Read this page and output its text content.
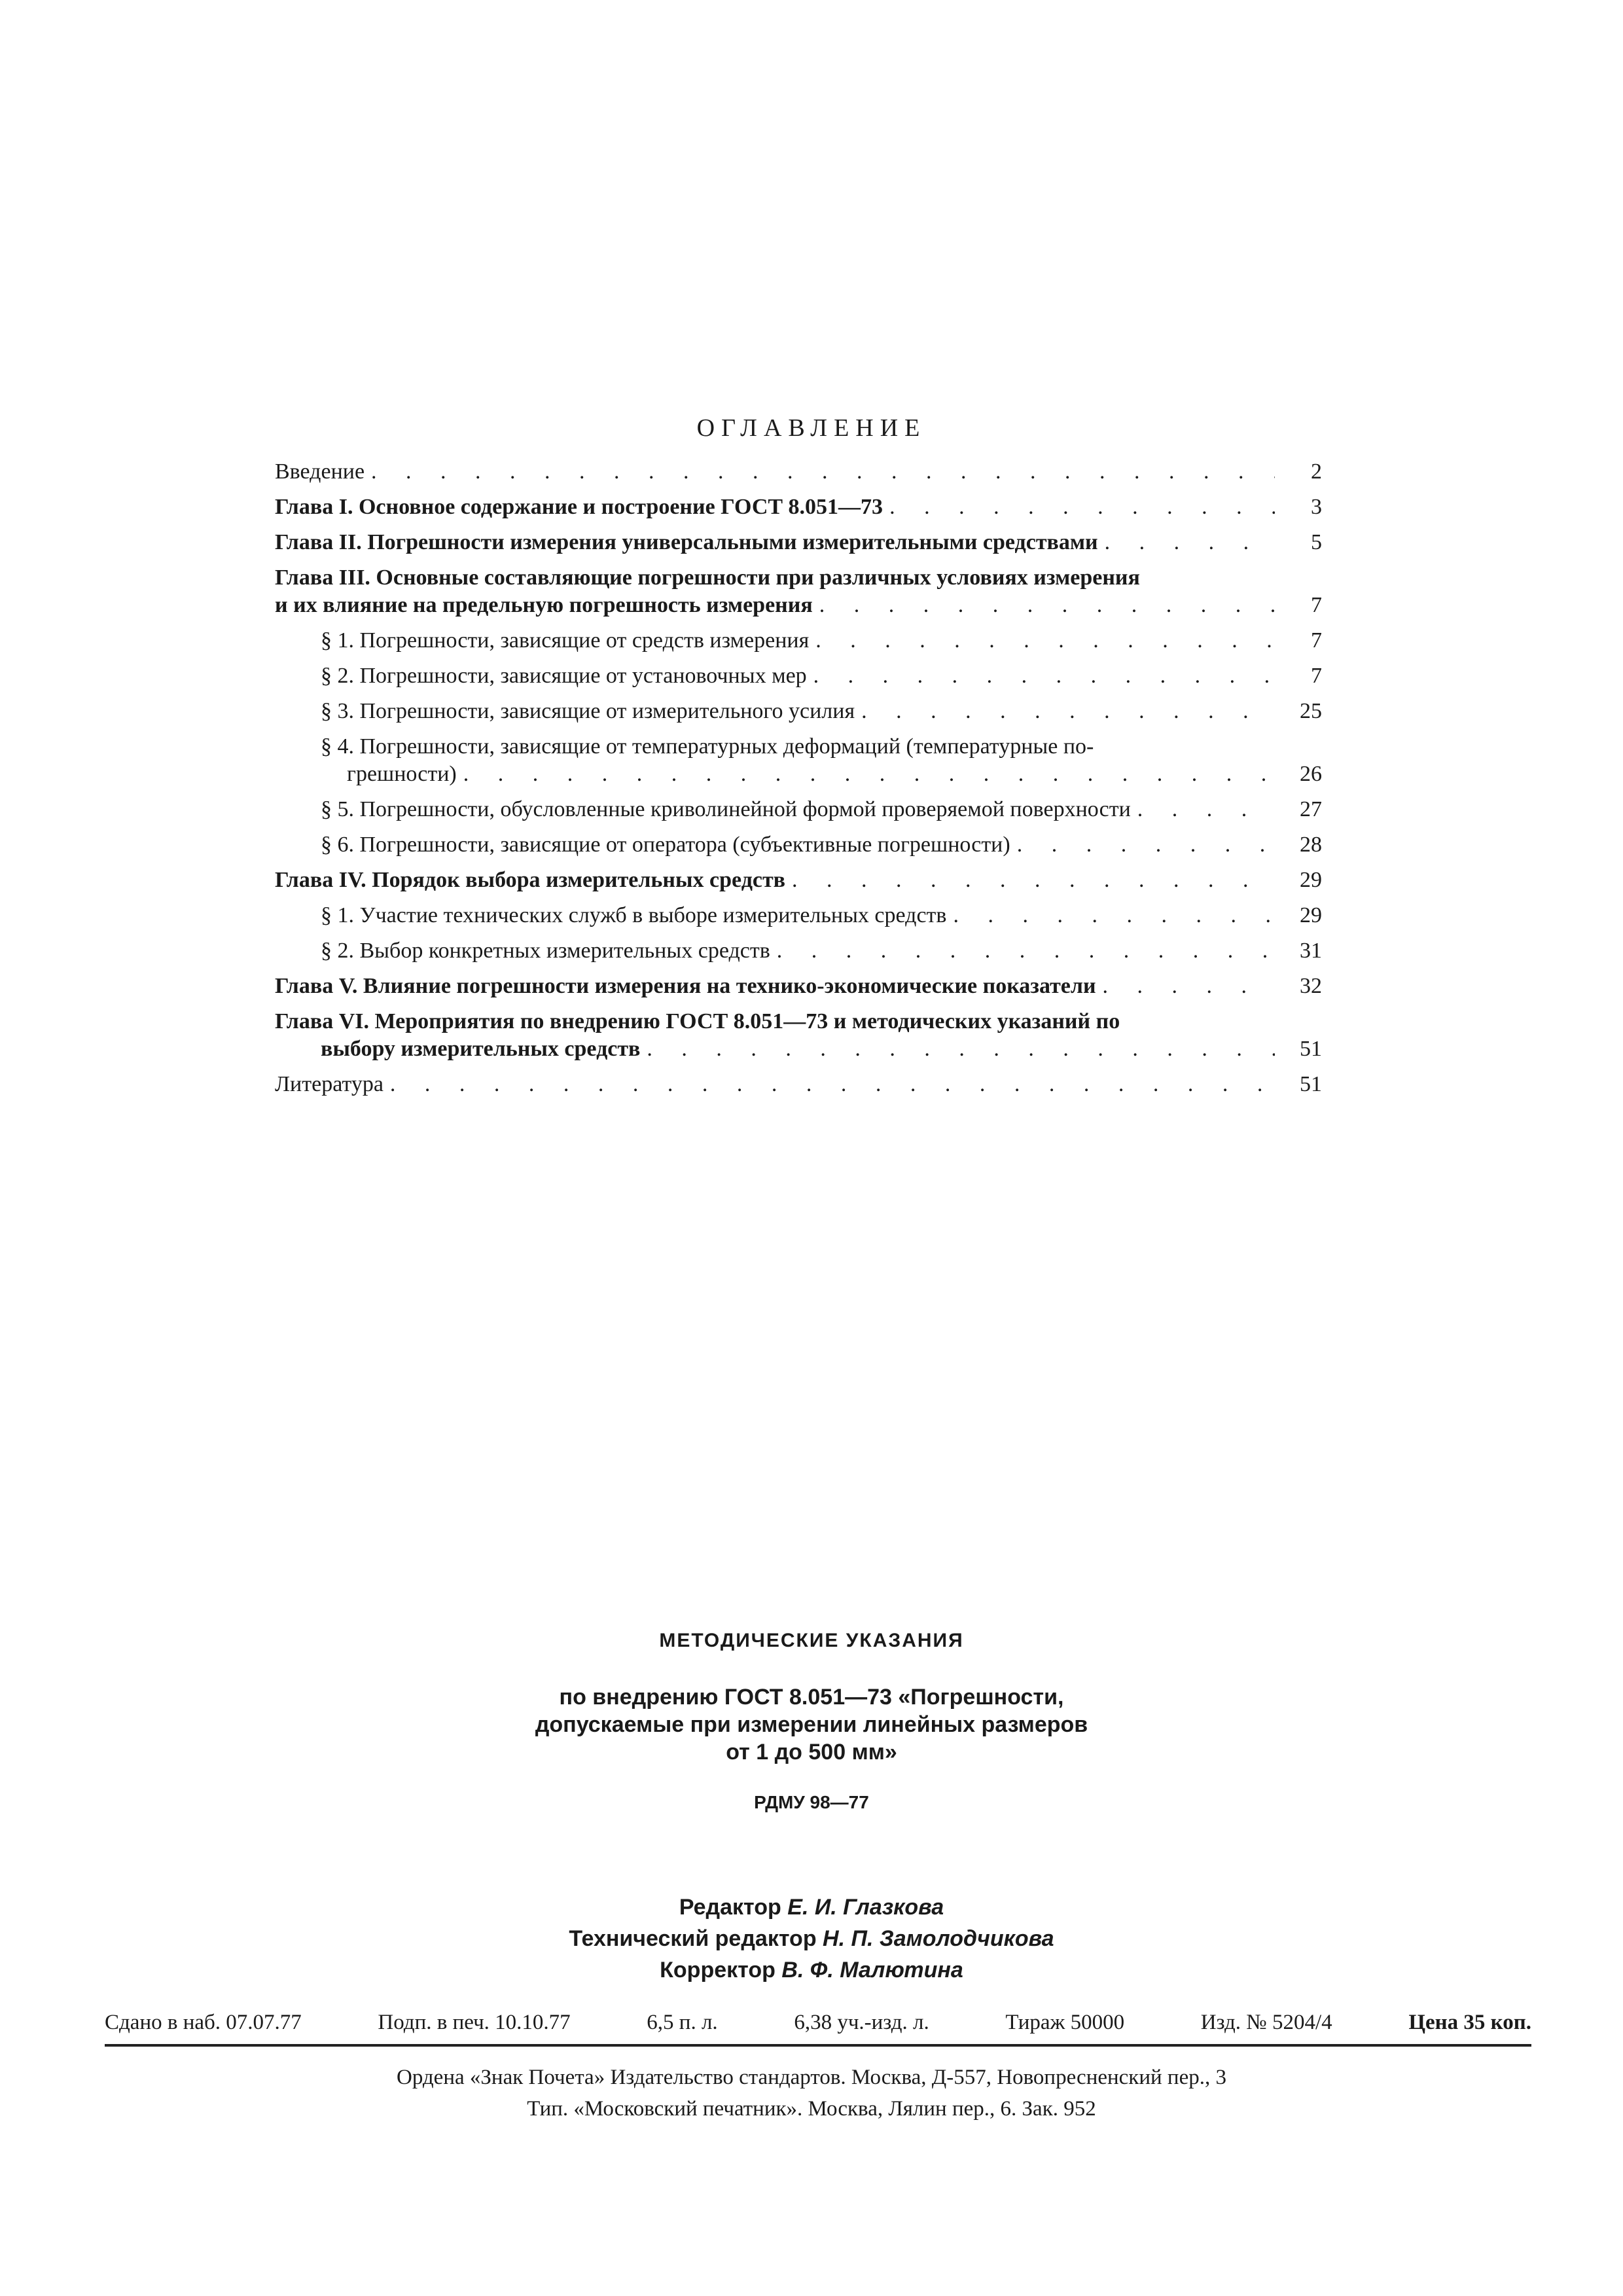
ОГЛАВЛЕНИЕ
Введение . . .	2
Глава I. Основное содержание и построение ГОСТ 8.051—73 . . .	3
Глава II. Погрешности измерения универсальными измерительными средствами . . .	5
Глава III. Основные составляющие погрешности при различных условиях измерения
и их влияние на предельную погрешность измерения . . .	7
§ 1. Погрешности, зависящие от средств измерения . . .	7
§ 2. Погрешности, зависящие от установочных мер . . .	7
§ 3. Погрешности, зависящие от измерительного усилия . . .	25
§ 4. Погрешности, зависящие от температурных деформаций (температурные по-
грешности) . . .	26
§ 5. Погрешности, обусловленные криволинейной формой проверяемой поверхности . . .	27
§ 6. Погрешности, зависящие от оператора (субъективные погрешности) . . .	28
Глава IV. Порядок выбора измерительных средств . . .	29
§ 1. Участие технических служб в выборе измерительных средств . . .	29
§ 2. Выбор конкретных измерительных средств . . .	31
Глава V. Влияние погрешности измерения на технико-экономические показатели . . .	32
Глава VI. Мероприятия по внедрению ГОСТ 8.051—73 и методических указаний по
выбору измерительных средств . . .	51
Литература . . .	51
МЕТОДИЧЕСКИЕ УКАЗАНИЯ
по внедрению ГОСТ 8.051—73 «Погрешности,
допускаемые при измерении линейных размеров
от 1 до 500 мм»
РДМУ 98—77
Редактор Е. И. Глазкова
Технический редактор Н. П. Замолодчикова
Корректор В. Ф. Малютина
Сдано в наб. 07.07.77	Подп. в печ. 10.10.77	6,5 п. л.	6,38 уч.-изд. л.	Тираж 50000	Изд. № 5204/4	Цена 35 коп.
Ордена «Знак Почета» Издательство стандартов. Москва, Д-557, Новопресненский пер., 3
Тип. «Московский печатник». Москва, Лялин пер., 6. Зак. 952
